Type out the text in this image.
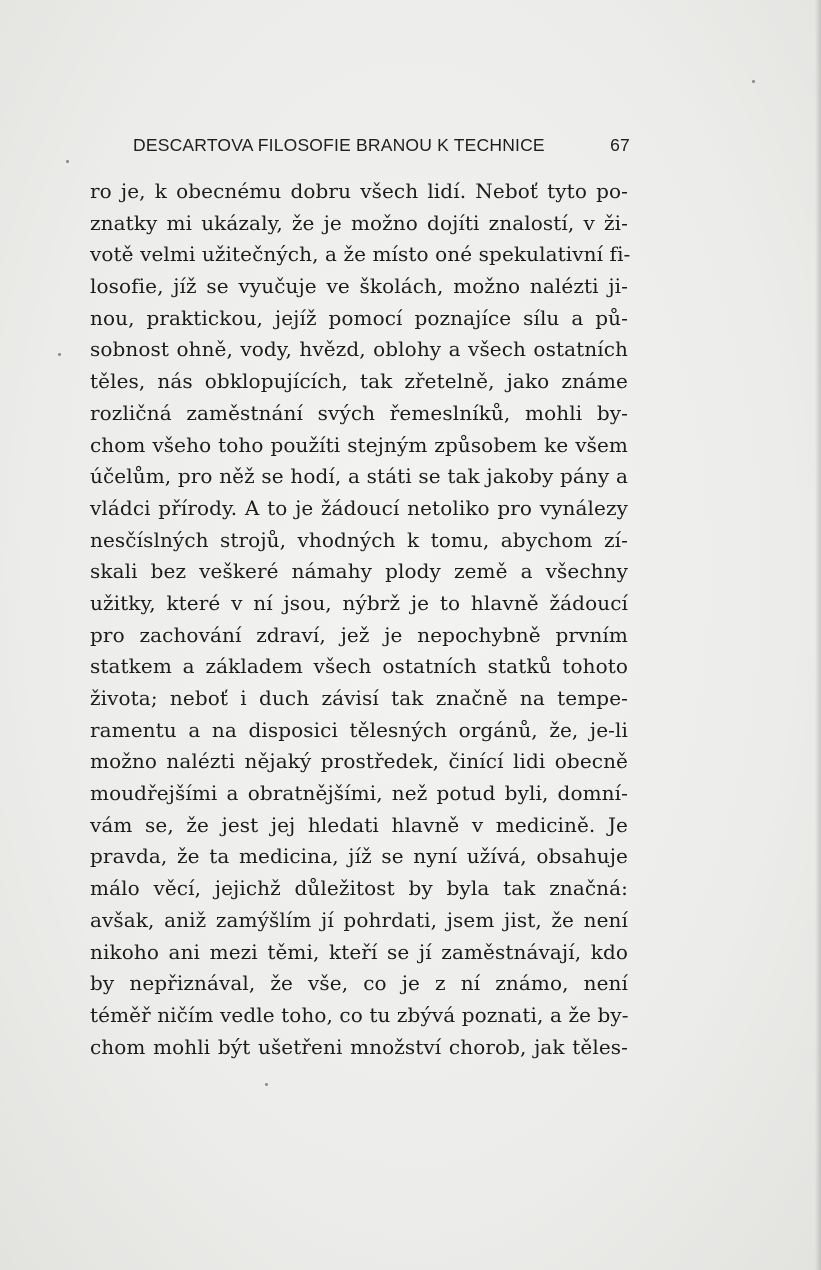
DESCARTOVA FILOSOFIE BRANOU K TECHNICE	67
ro je, k obecnému dobru všech lidí. Neboť tyto po-
znatky mi ukázaly, že je možno dojíti znalostí, v ži-
votě velmi užitečných, a že místo oné spekulativní fi-
losofie, jíž se vyučuje ve školách, možno nalézti ji-
nou, praktickou, jejíž pomocí poznajíce sílu a pů-
sobnost ohně, vody, hvězd, oblohy a všech ostatních
těles, nás obklopujících, tak zřetelně, jako známe
rozličná zaměstnání svých řemeslníků, mohli by-
chom všeho toho použíti stejným způsobem ke všem
účelům, pro něž se hodí, a státi se tak jakoby pány a
vládci přírody. A to je žádoucí netoliko pro vynálezy
nesčíslných strojů, vhodných k tomu, abychom zí-
skali bez veškeré námahy plody země a všechny
užitky, které v ní jsou, nýbrž je to hlavně žádoucí
pro zachování zdraví, jež je nepochybně prvním
statkem a základem všech ostatních statků tohoto
života; neboť i duch závisí tak značně na tempe-
ramentu a na disposici tělesných orgánů, že, je-li
možno nalézti nějaký prostředek, činící lidi obecně
moudřejšími a obratnějšími, než potud byli, domní-
vám se, že jest jej hledati hlavně v medicině. Je
pravda, že ta medicina, jíž se nyní užívá, obsahuje
málo věcí, jejichž důležitost by byla tak značná:
avšak, aniž zamýšlím jí pohrdati, jsem jist, že není
nikoho ani mezi těmi, kteří se jí zaměstnávají, kdo
by nepřiznával, že vše, co je z ní známo, není
téměř ničím vedle toho, co tu zbývá poznati, a že by-
chom mohli být ušetřeni množství chorob, jak těles-
